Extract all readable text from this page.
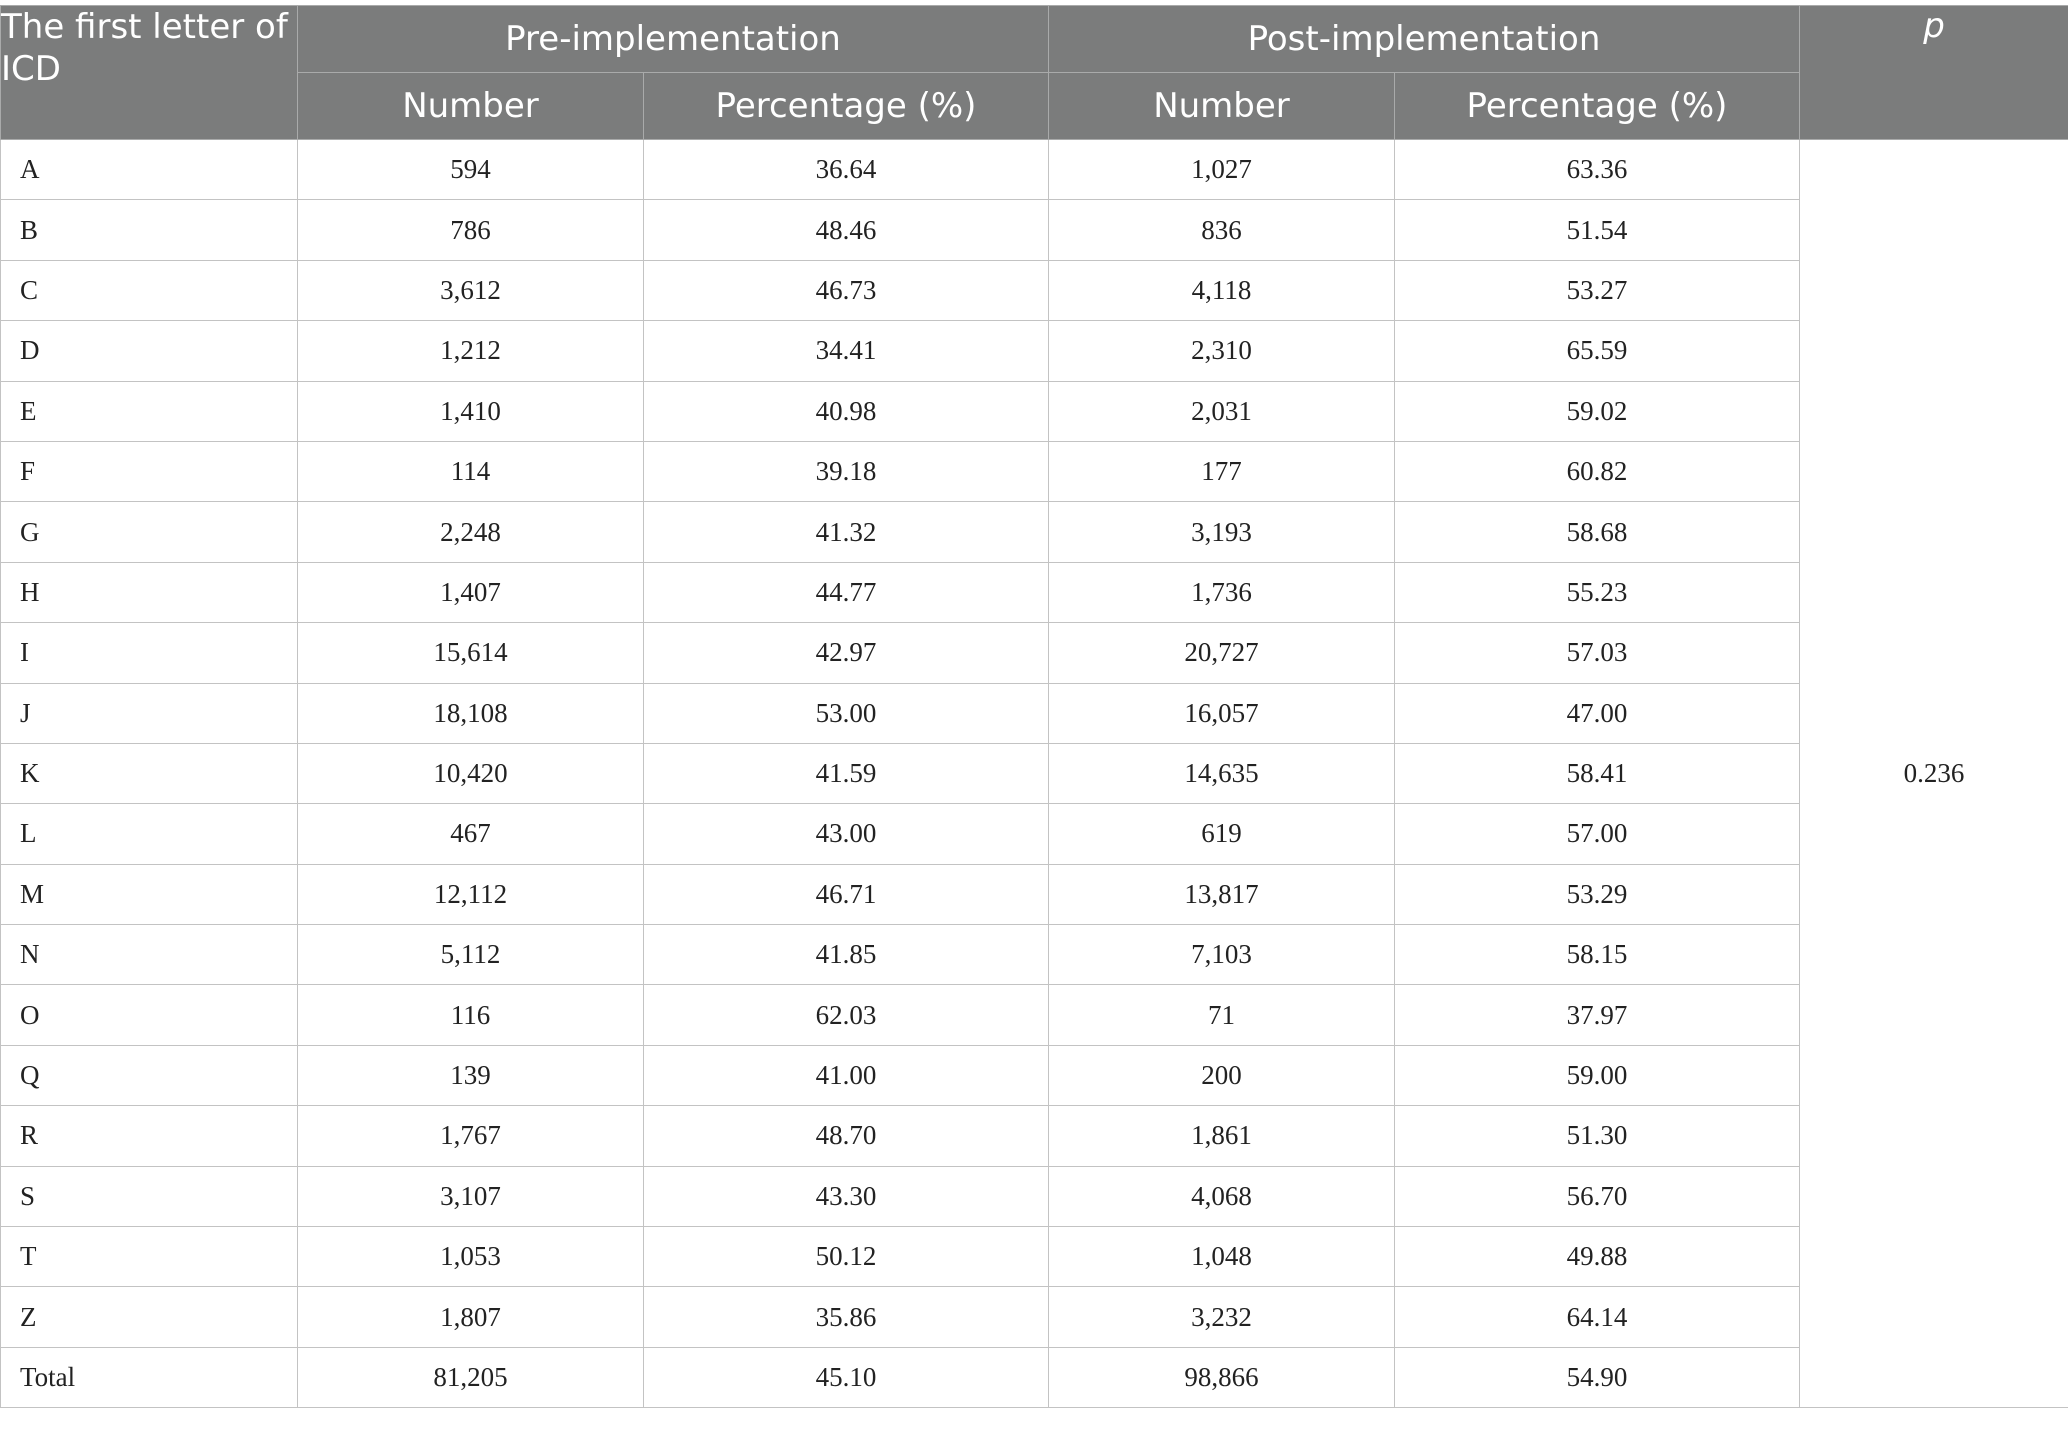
The first letter of ICD	Pre-implementation		Post-implementation		p
	Number	Percentage (%)	Number	Percentage (%)	
A	594	36.64	1,027	63.36	0.236
B	786	48.46	836	51.54	
C	3,612	46.73	4,118	53.27	
D	1,212	34.41	2,310	65.59	
E	1,410	40.98	2,031	59.02	
F	114	39.18	177	60.82	
G	2,248	41.32	3,193	58.68	
H	1,407	44.77	1,736	55.23	
I	15,614	42.97	20,727	57.03	
J	18,108	53.00	16,057	47.00	
K	10,420	41.59	14,635	58.41	
L	467	43.00	619	57.00	
M	12,112	46.71	13,817	53.29	
N	5,112	41.85	7,103	58.15	
O	116	62.03	71	37.97	
Q	139	41.00	200	59.00	
R	1,767	48.70	1,861	51.30	
S	3,107	43.30	4,068	56.70	
T	1,053	50.12	1,048	49.88	
Z	1,807	35.86	3,232	64.14	
Total	81,205	45.10	98,866	54.90	
